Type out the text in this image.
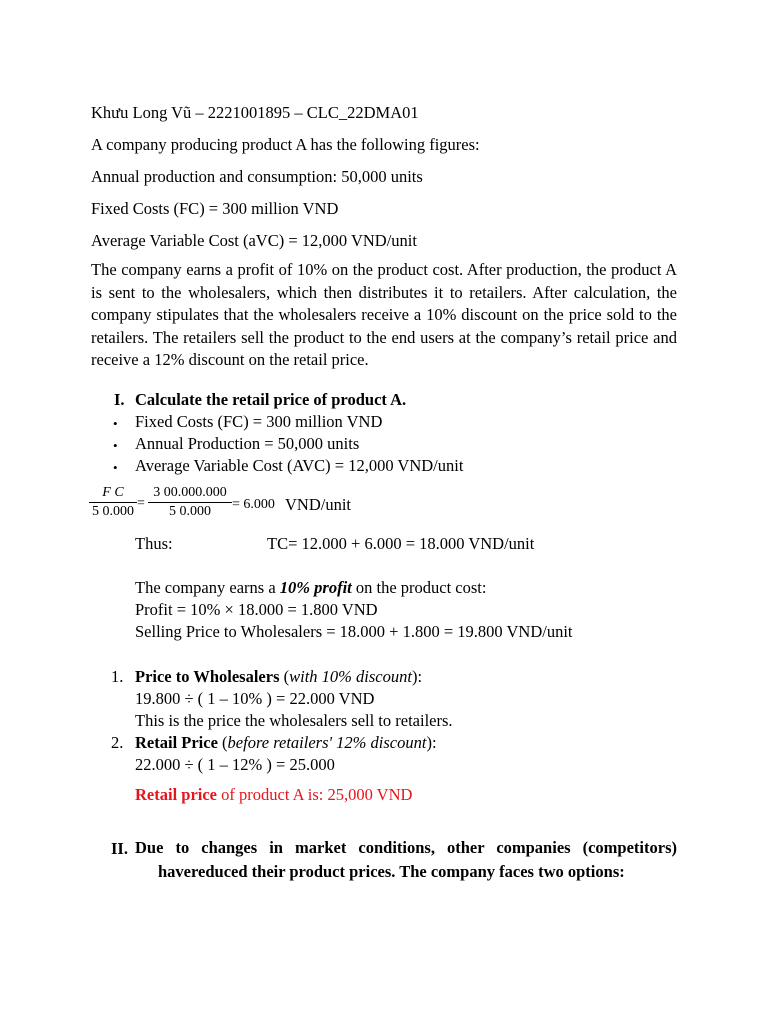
Khưu Long Vũ – 2221001895 – CLC_22DMA01
A company producing product A has the following figures:
Annual production and consumption: 50,000 units
Fixed Costs (FC) = 300 million VND
Average Variable Cost (aVC) = 12,000 VND/unit
The company earns a profit of 10% on the product cost. After production, the product A is sent to the wholesalers, which then distributes it to retailers. After calculation, the company stipulates that the wholesalers receive a 10% discount on the price sold to the retailers. The retailers sell the product to the end users at the company’s retail price and receive a 12% discount on the retail price.
I. Calculate the retail price of product A.
• Fixed Costs (FC) = 300 million VND
• Annual Production = 50,000 units
• Average Variable Cost (AVC) = 12,000 VND/unit
$\frac{\text{F C}}{5 0.000} = \frac{3 00.000.000}{5 0.000} = 6.000$ VND/unit
Thus:	TC= 12.000 + 6.000 = 18.000 VND/unit
The company earns a 10% profit on the product cost:
Profit = 10% × 18.000 = 1.800 VND
Selling Price to Wholesalers = 18.000 + 1.800 = 19.800 VND/unit
1. Price to Wholesalers (with 10% discount):
19.800 ÷ ( 1 – 10% ) = 22.000 VND
This is the price the wholesalers sell to retailers.
2. Retail Price (before retailers' 12% discount):
22.000 ÷ ( 1 – 12% ) = 25.000
Retail price of product A is: 25,000 VND
II. Due to changes in market conditions, other companies (competitors)
havereduced their product prices. The company faces two options:
